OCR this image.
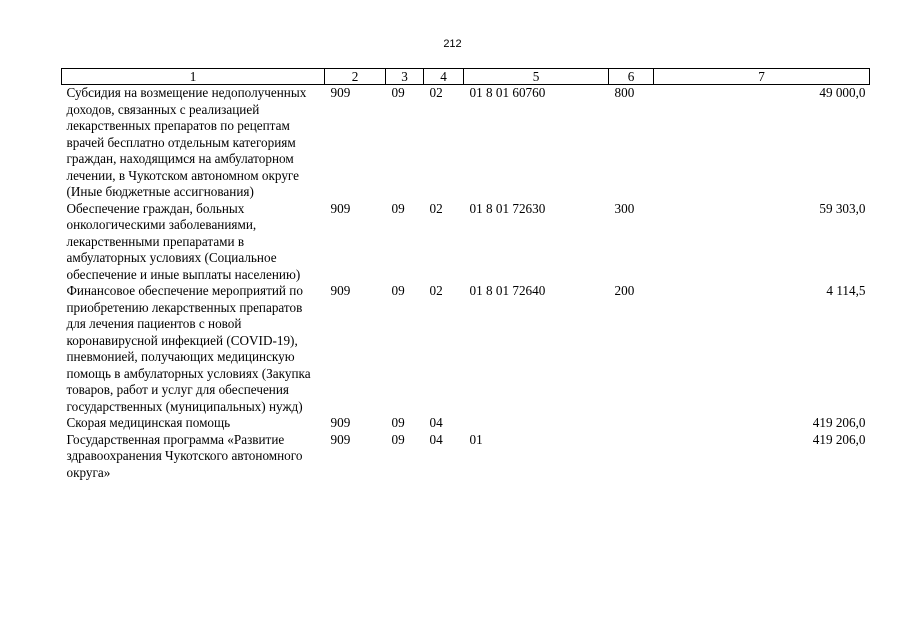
212
1	2	3	4	5	6	7
Субсидия на возмещение недополученных доходов, связанных с реализацией лекарственных препаратов по рецептам врачей бесплатно отдельным категориям граждан, находящимся на амбулаторном лечении, в Чукотском автономном округе (Иные бюджетные ассигнования)	909	09	02	01 8 01 60760	800	49 000,0
Обеспечение граждан, больных онкологическими заболеваниями, лекарственными препаратами в амбулаторных условиях (Социальное обеспечение и иные выплаты населению)	909	09	02	01 8 01 72630	300	59 303,0
Финансовое обеспечение мероприятий по приобретению лекарственных препаратов для лечения пациентов с новой коронавирусной инфекцией (COVID-19), пневмонией, получающих медицинскую помощь в амбулаторных условиях (Закупка товаров, работ и услуг для обеспечения государственных (муниципальных) нужд)	909	09	02	01 8 01 72640	200	4 114,5
Скорая медицинская помощь	909	09	04			419 206,0
Государственная программа «Развитие здравоохранения Чукотского автономного округа»	909	09	04	01		419 206,0
